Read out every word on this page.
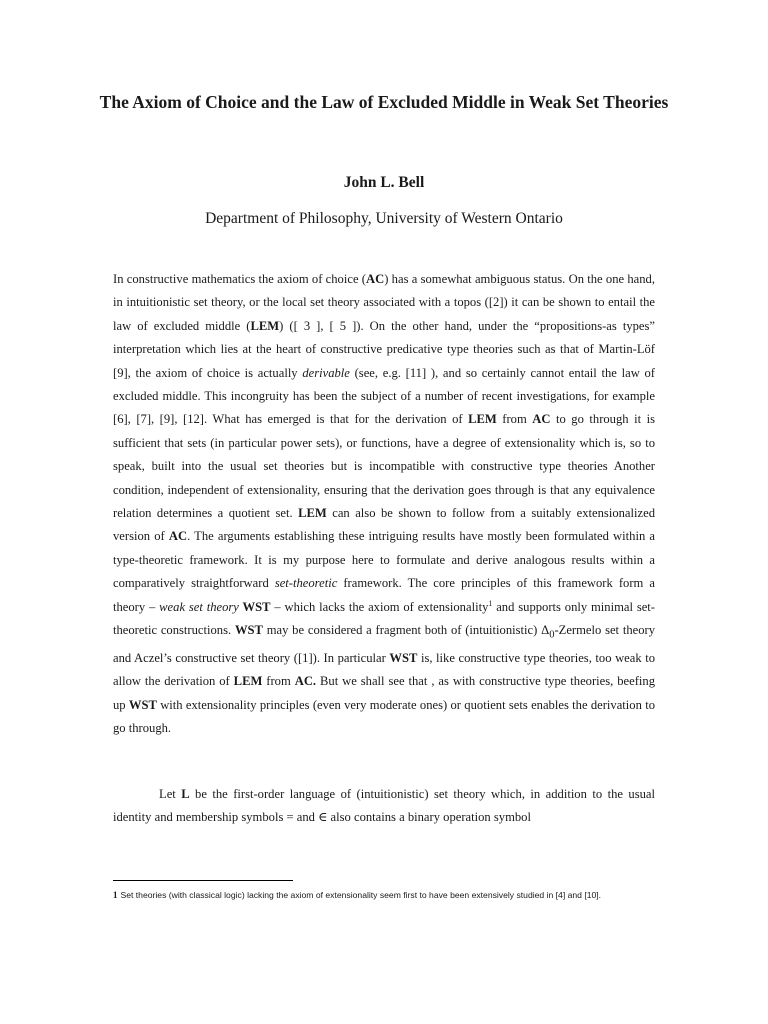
The Axiom of Choice and the Law of Excluded Middle in Weak Set Theories
John L. Bell
Department of Philosophy, University of Western Ontario
In constructive mathematics the axiom of choice (AC) has a somewhat ambiguous status. On the one hand, in intuitionistic set theory, or the local set theory associated with a topos ([2]) it can be shown to entail the law of excluded middle (LEM) ([ 3 ], [ 5 ]). On the other hand, under the “propositions-as types” interpretation which lies at the heart of constructive predicative type theories such as that of Martin-Löf [9], the axiom of choice is actually derivable (see, e.g. [11] ), and so certainly cannot entail the law of excluded middle. This incongruity has been the subject of a number of recent investigations, for example [6], [7], [9], [12]. What has emerged is that for the derivation of LEM from AC to go through it is sufficient that sets (in particular power sets), or functions, have a degree of extensionality which is, so to speak, built into the usual set theories but is incompatible with constructive type theories Another condition, independent of extensionality, ensuring that the derivation goes through is that any equivalence relation determines a quotient set. LEM can also be shown to follow from a suitably extensionalized version of AC. The arguments establishing these intriguing results have mostly been formulated within a type-theoretic framework. It is my purpose here to formulate and derive analogous results within a comparatively straightforward set-theoretic framework. The core principles of this framework form a theory – weak set theory WST – which lacks the axiom of extensionality$^1$ and supports only minimal set-theoretic constructions. WST may be considered a fragment both of (intuitionistic) $\Delta_0$-Zermelo set theory and Aczel’s constructive set theory ([1]). In particular WST is, like constructive type theories, too weak to allow the derivation of LEM from AC. But we shall see that , as with constructive type theories, beefing up WST with extensionality principles (even very moderate ones) or quotient sets enables the derivation to go through.
Let L be the first-order language of (intuitionistic) set theory which, in addition to the usual identity and membership symbols = and ∈ also contains a binary operation symbol
$^1$ Set theories (with classical logic) lacking the axiom of extensionality seem first to have been extensively studied in [4] and [10].
